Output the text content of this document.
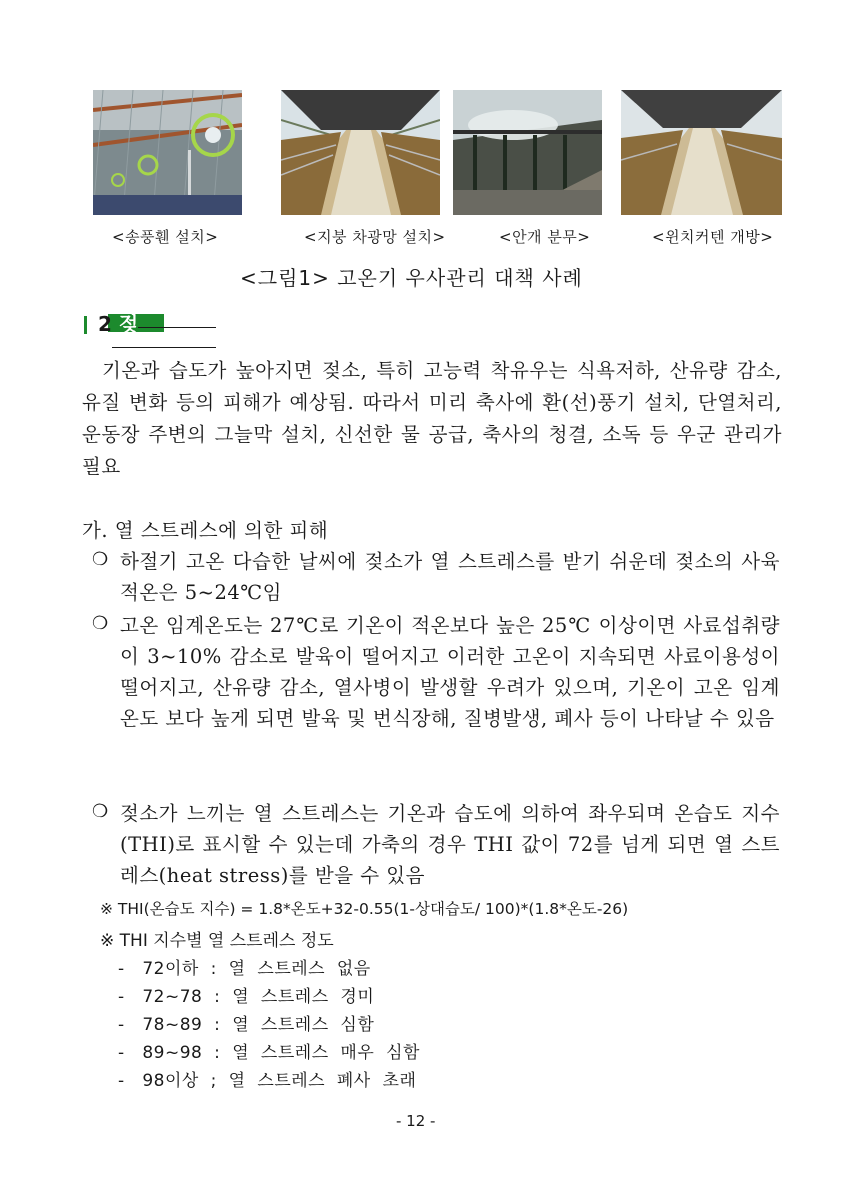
<송풍휀 설치>	<지붕 차광망 설치>	<안개 분무>	<윈치커텐 개방>
<그림1> 고온기 우사관리 대책 사례
2 젖
기온과 습도가 높아지면 젖소, 특히 고능력 착유우는 식욕저하, 산유량 감소, 유질 변화 등의 피해가 예상됨. 따라서 미리 축사에 환(선)풍기 설치, 단열처리, 운동장 주변의 그늘막 설치, 신선한 물 공급, 축사의 청결, 소독 등 우군 관리가 필요
가. 열 스트레스에 의한 피해
❍ 하절기 고온 다습한 날씨에 젖소가 열 스트레스를 받기 쉬운데 젖소의 사육 적온은 5~24℃임
❍ 고온 임계온도는 27℃로 기온이 적온보다 높은 25℃ 이상이면 사료섭취량이 3~10% 감소로 발육이 떨어지고 이러한 고온이 지속되면 사료이용성이 떨어지고, 산유량 감소, 열사병이 발생할 우려가 있으며, 기온이 고온 임계온도 보다 높게 되면 발육 및 번식장해, 질병발생, 폐사 등이 나타날 수 있음
❍ 젖소가 느끼는 열 스트레스는 기온과 습도에 의하여 좌우되며 온습도 지수(THI)로 표시할 수 있는데 가축의 경우 THI 값이 72를 넘게 되면 열 스트레스(heat stress)를 받을 수 있음
※ THI(온습도 지수) = 1.8*온도+32-0.55(1-상대습도/ 100)*(1.8*온도-26)
※ THI 지수별 열 스트레스 정도
-   72이하  :  열  스트레스  없음
-   72~78  :  열  스트레스  경미
-   78~89  :  열  스트레스  심함
-   89~98  :  열  스트레스  매우  심함
-   98이상  ;  열  스트레스  폐사  초래
- 12 -
